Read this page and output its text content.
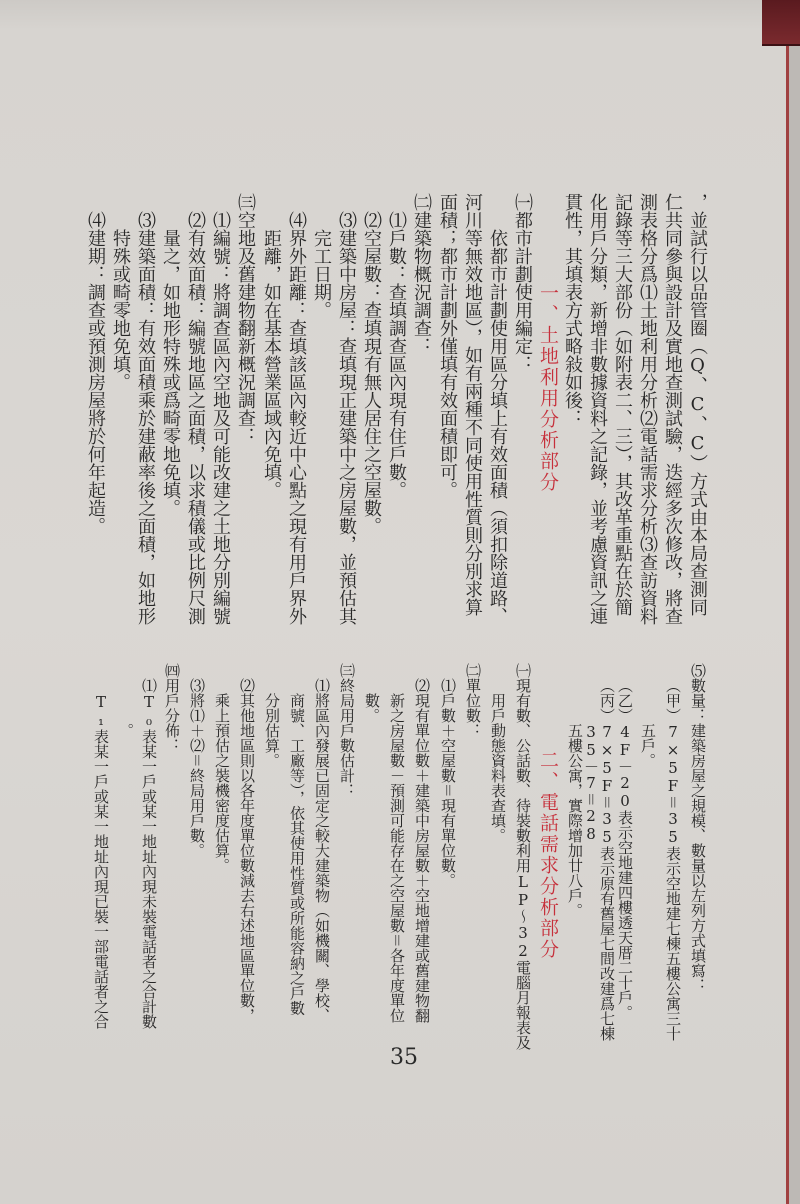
，並試行以品管圈（Q、C、C）方式由本局查測同
仁共同參與設計及實地查測試驗，迭經多次修改，將查
測表格分爲⑴土地利用分析⑵電話需求分析⑶查訪資料
記錄等三大部份（如附表二、三），其改革重點在於簡
化用戶分類，新增非數據資料之記錄，並考慮資訊之連
貫性，其填表方式略敍如後：
一、土地利用分析部分
㈠都市計劃使用編定：
依都市計劃使用區分填上有效面積（須扣除道路、
河川等無效地區），如有兩種不同使用性質則分別求算
面積；都市計劃外僅填有效面積即可。
㈡建築物概況調查：
⑴戶數：查填調查區內現有住戶數。
⑵空屋數：查填現有無人居住之空屋數。
⑶建築中房屋：查填現正建築中之房屋數，並預估其
完工日期。
⑷界外距離：查填該區內較近中心點之現有用戶界外
距離，如在基本營業區域內免填。
㈢空地及舊建物翻新概況調查：
⑴編號：將調查區內空地及可能改建之土地分別編號
⑵有效面積：編號地區之面積，以求積儀或比例尺測
量之，如地形特殊或爲畸零地免填。
⑶建築面積：有效面積乘於建蔽率後之面積，如地形
特殊或畸零地免填。
⑷建期：調查或預測房屋將於何年起造。
⑸數量：建築房屋之規模、數量以左列方式填寫：
（甲）7×5F＝35表示空地建七棟五樓公寓三十
五戶。
（乙）4F－20表示空地建四樓透天厝二十戶。
（丙）7×5F＝35表示原有舊屋七間改建爲七棟
35－7＝28
五樓公寓，實際增加廿八戶。
二、電話需求分析部分
㈠現有數、公話數、待裝數利用LP～32電腦月報表及
用戶動態資料表查填。
㈡單位數：
⑴戶數＋空屋數＝現有單位數。
⑵現有單位數＋建築中房屋數＋空地增建或舊建物翻
新之房屋數－預測可能存在之空屋數＝各年度單位
數。
㈢終局用戶數估計：
⑴將區內發展已固定之較大建築物（如機關、學校、
商號、工廠等），依其使用性質或所能容納之戶數
分別估算。
⑵其他地區則以各年度單位數減去右述地區單位數，
乘上預估之裝機密度估算。
⑶將⑴＋⑵＝終局用戶數。
㈣用戶分佈：
⑴T₀表某一戶或某一地址內現未裝電話者之合計數
。
T₁表某一戶或某一地址內現已裝一部電話者之合
35
